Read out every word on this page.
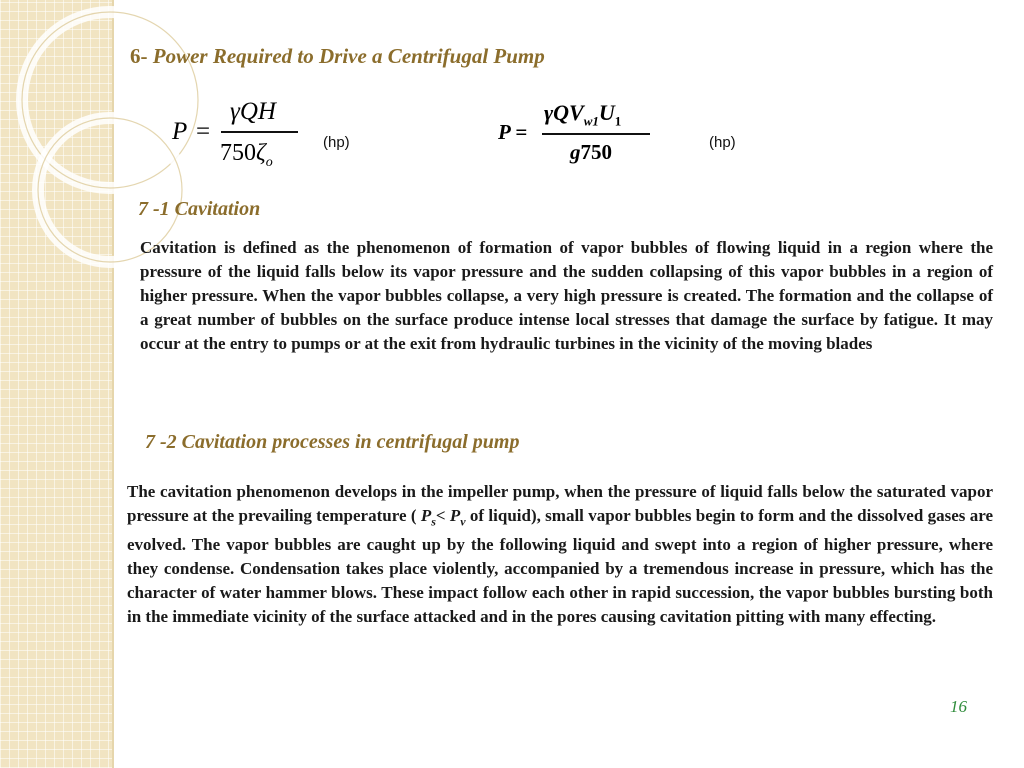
6- Power Required to Drive a Centrifugal Pump
P =
γQH
$750\zeta_o$
(hp)	P =
$\gamma QV_{w1}U_1$
g750	(hp)
7 -1 Cavitation

Cavitation is defined as the phenomenon of formation of vapor bubbles of flowing liquid in a region where the pressure of the liquid falls below its vapor pressure and the sudden collapsing of this vapor bubbles in a region of higher pressure. When the vapor bubbles collapse, a very high pressure is created. The formation and the collapse of a great number of bubbles on the surface produce intense local stresses that damage the surface by fatigue. It may occur at the entry to pumps or at the exit from hydraulic turbines in the vicinity of the moving blades

7 -2 Cavitation processes in centrifugal pump

The cavitation phenomenon develops in the impeller pump, when the pressure of liquid falls below the saturated vapor pressure at the prevailing temperature ( $P_s< P_v$ of liquid), small vapor bubbles begin to form and the dissolved gases are evolved. The vapor bubbles are caught up by the following liquid and swept into a region of higher pressure, where they condense. Condensation takes place violently, accompanied by a tremendous increase in pressure, which has the character of water hammer blows. These impact follow each other in rapid succession, the vapor bubbles bursting both in the immediate vicinity of the surface attacked and in the pores causing cavitation pitting with many effecting.

16
